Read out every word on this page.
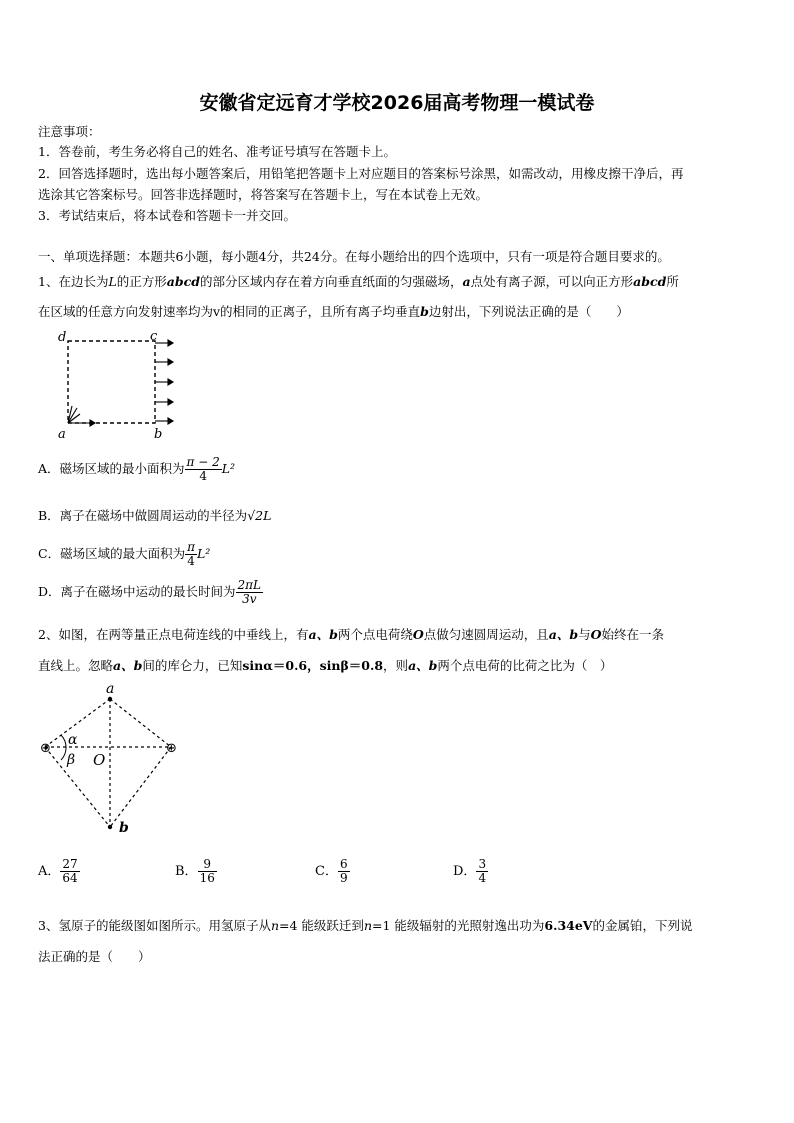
安徽省定远育才学校2026届高考物理一模试卷
注意事项：
1．答卷前，考生务必将自己的姓名、准考证号填写在答题卡上。
2．回答选择题时，选出每小题答案后，用铅笔把答题卡上对应题目的答案标号涂黑，如需改动，用橡皮擦干净后，再
选涂其它答案标号。回答非选择题时，将答案写在答题卡上，写在本试卷上无效。
3．考试结束后，将本试卷和答题卡一并交回。
一、单项选择题：本题共6小题，每小题4分，共24分。在每小题给出的四个选项中，只有一项是符合题目要求的。
1、在边长为L的正方形abcd的部分区域内存在着方向垂直纸面的匀强磁场，a点处有离子源，可以向正方形abcd所
在区域的任意方向发射速率均为v的相同的正离子，且所有离子均垂直b边射出，下列说法正确的是（　　）
d	c
a	b
A．磁场区域的最小面积为 $\frac{\pi - 2}{4} L^2$
B．离子在磁场中做圆周运动的半径为√2L
C．磁场区域的最大面积为 $\frac{\pi}{4} L^2$
D．离子在磁场中运动的最长时间为 $\frac{2\pi L}{3v}$
2、如图，在两等量正点电荷连线的中垂线上，有a、b两个点电荷绕O点做匀速圆周运动，且a、b与O始终在一条
直线上。忽略a、b间的库仑力，已知sinα＝0.6，sinβ＝0.8，则a、b两个点电荷的比荷之比为（　）
⊕	⊕
a
b
α
β O
A． $\frac{27}{64}$	B． $\frac{9}{16}$	C． $\frac{6}{9}$	D． $\frac{3}{4}$
3、氢原子的能级图如图所示。用氢原子从n=4 能级跃迁到n=1 能级辐射的光照射逸出功为6.34eV的金属铂，下列说
法正确的是（　　）
